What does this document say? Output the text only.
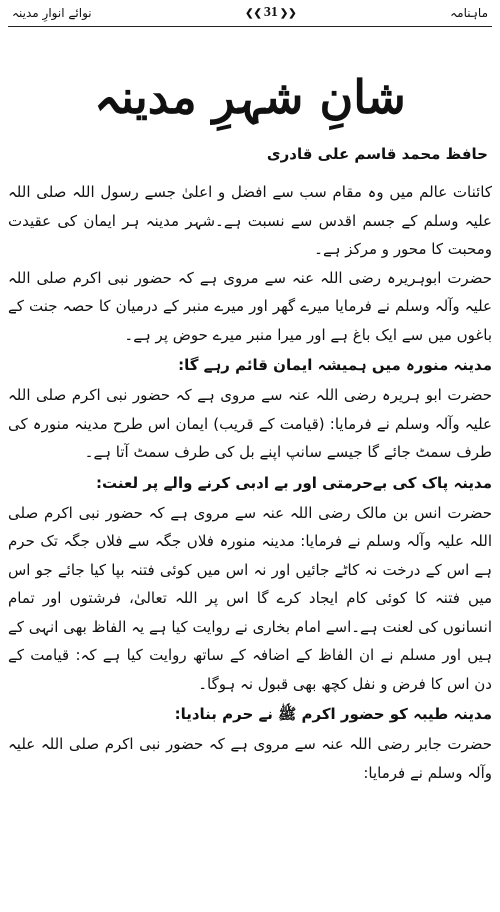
ماہنامہ
❮❮
31
❯❯
نوائے انوارِ مدینہ
شانِ شہرِ مدینہ
حافظ محمد قاسم علی قادری

کائنات عالم میں وہ مقام سب سے افضل و اعلیٰ جسے رسول اللہ صلی اللہ علیہ وسلم کے جسم اقدس سے نسبت ہے۔شہر مدینہ ہر ایمان کی عقیدت ومحبت کا محور و مرکز ہے۔

حضرت ابوہریرہ رضی اللہ عنہ سے مروی ہے کہ حضور نبی اکرم صلی اللہ علیہ وآلہ وسلم نے فرمایا میرے گھر اور میرے منبر کے درمیان کا حصہ جنت کے باغوں میں سے ایک باغ ہے اور میرا منبر میرے حوض پر ہے۔

مدینہ منورہ میں ہمیشہ ایمان قائم رہے گا:

حضرت ابو ہریرہ رضی اللہ عنہ سے مروی ہے کہ حضور نبی اکرم صلی اللہ علیہ وآلہ وسلم نے فرمایا: (قیامت کے قریب) ایمان اس طرح مدینہ منورہ کی طرف سمٹ جائے گا جیسے سانپ اپنے بل کی طرف سمٹ آتا ہے۔

مدینہ پاک کی بےحرمتی اور بے ادبی کرنے والے پر لعنت:

حضرت انس بن مالک رضی اللہ عنہ سے مروی ہے کہ حضور نبی اکرم صلی اللہ علیہ وآلہ وسلم نے فرمایا: مدینہ منورہ فلاں جگہ سے فلاں جگہ تک حرم ہے اس کے درخت نہ کاٹے جائیں اور نہ اس میں کوئی فتنہ بپا کیا جائے جو اس میں فتنہ کا کوئی کام ایجاد کرے گا اس پر اللہ تعالیٰ، فرشتوں اور تمام انسانوں کی لعنت ہے۔اسے امام بخاری نے روایت کیا ہے یہ الفاظ بھی انہی کے ہیں اور مسلم نے ان الفاظ کے اضافہ کے ساتھ روایت کیا ہے کہ: قیامت کے دن اس کا فرض و نفل کچھ بھی قبول نہ ہوگا۔

مدینہ طیبہ کو حضور اکرم ﷺ نے حرم بنادیا:

حضرت جابر رضی اللہ عنہ سے مروی ہے کہ حضور نبی اکرم صلی اللہ علیہ وآلہ وسلم نے فرمایا:
